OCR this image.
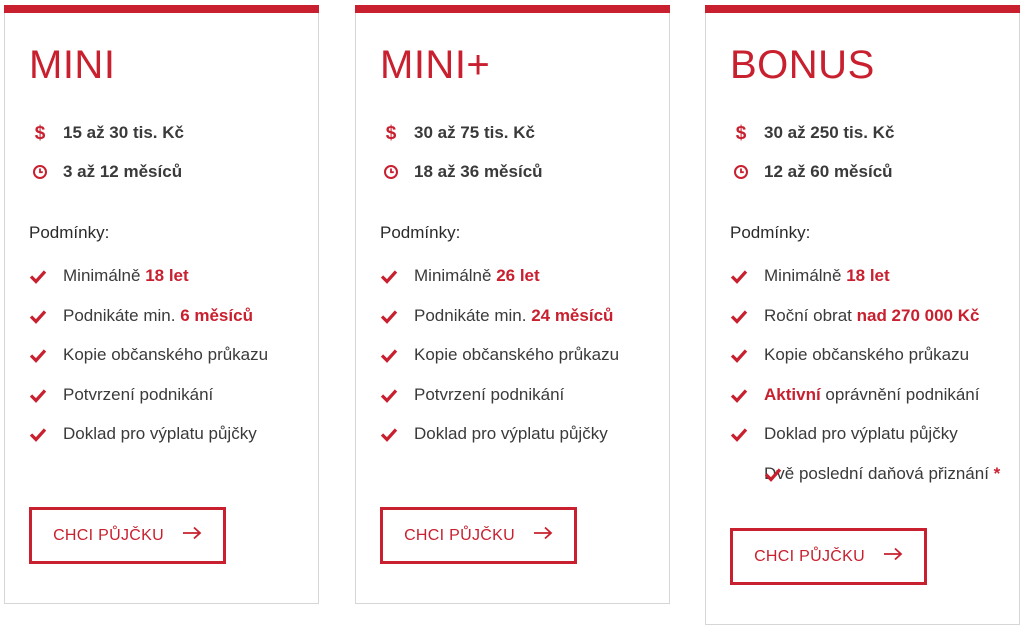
MINI
$ 15 až 30 tis. Kč
3 až 12 měsíců
Podmínky:
Minimálně 18 let
Podnikáte min. 6 měsíců
Kopie občanského průkazu
Potvrzení podnikání
Doklad pro výplatu půjčky
CHCI PŮJČKU
MINI+
$ 30 až 75 tis. Kč
18 až 36 měsíců
Podmínky:
Minimálně 26 let
Podnikáte min. 24 měsíců
Kopie občanského průkazu
Potvrzení podnikání
Doklad pro výplatu půjčky
CHCI PŮJČKU
BONUS
$ 30 až 250 tis. Kč
12 až 60 měsíců
Podmínky:
Minimálně 18 let
Roční obrat nad 270 000 Kč
Kopie občanského průkazu
Aktivní oprávnění podnikání
Doklad pro výplatu půjčky
Dvě poslední daňová přiznání *
CHCI PŮJČKU
